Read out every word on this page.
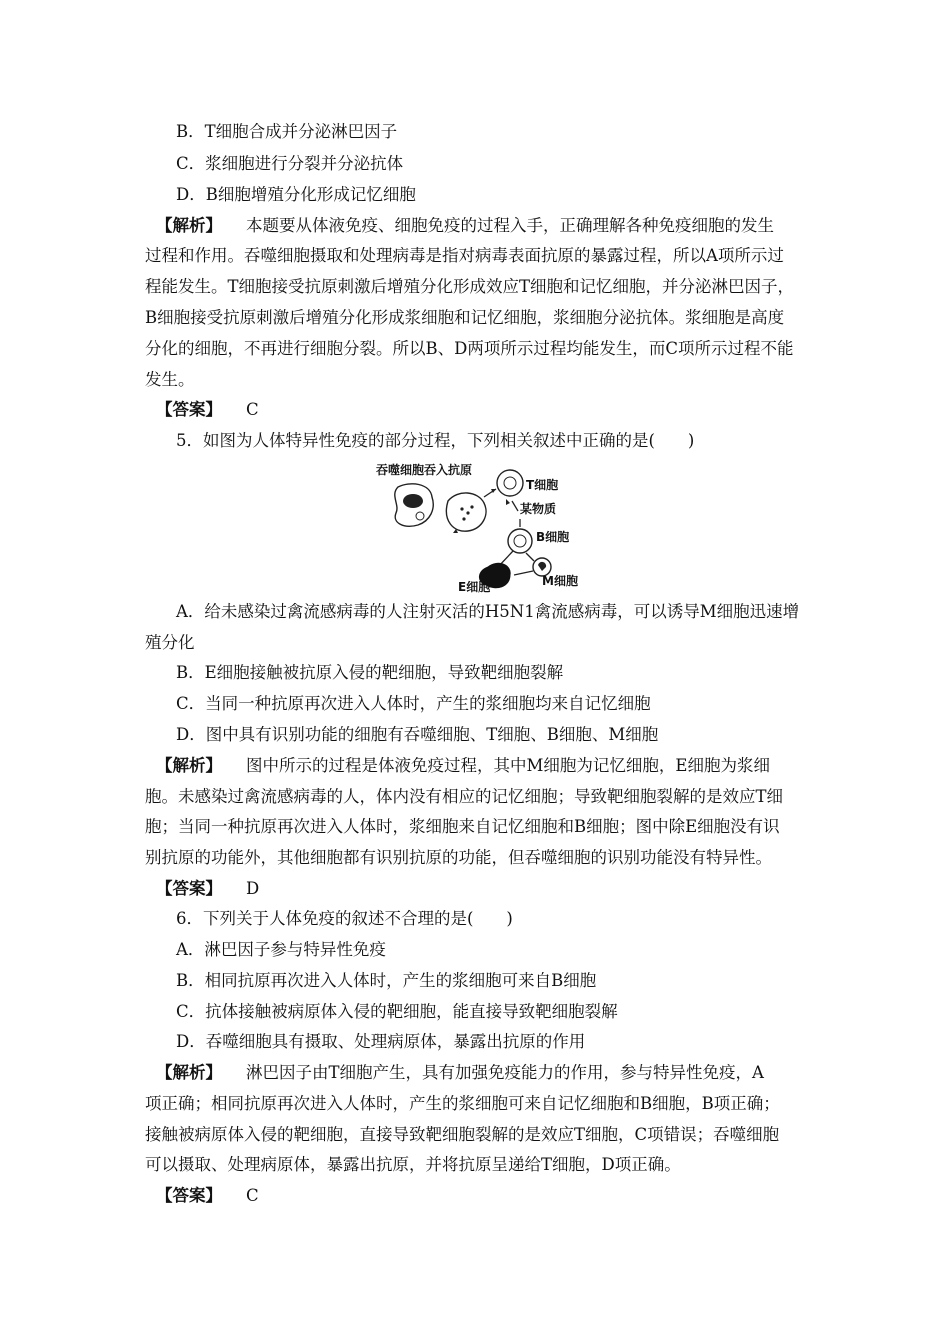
B．T细胞合成并分泌淋巴因子
C．浆细胞进行分裂并分泌抗体
D．B细胞增殖分化形成记忆细胞
【解析】 本题要从体液免疫、细胞免疫的过程入手，正确理解各种免疫细胞的发生
过程和作用。吞噬细胞摄取和处理病毒是指对病毒表面抗原的暴露过程，所以A项所示过
程能发生。T细胞接受抗原刺激后增殖分化形成效应T细胞和记忆细胞，并分泌淋巴因子，
B细胞接受抗原刺激后增殖分化形成浆细胞和记忆细胞，浆细胞分泌抗体。浆细胞是高度
分化的细胞，不再进行细胞分裂。所以B、D两项所示过程均能发生，而C项所示过程不能
发生。
【答案】 C
5．如图为人体特异性免疫的部分过程，下列相关叙述中正确的是(　　)
吞噬细胞吞入抗原
T细胞
某物质
B细胞
M细胞
E细胞
A．给未感染过禽流感病毒的人注射灭活的H5N1禽流感病毒，可以诱导M细胞迅速增
殖分化
B．E细胞接触被抗原入侵的靶细胞，导致靶细胞裂解
C．当同一种抗原再次进入人体时，产生的浆细胞均来自记忆细胞
D．图中具有识别功能的细胞有吞噬细胞、T细胞、B细胞、M细胞
【解析】 图中所示的过程是体液免疫过程，其中M细胞为记忆细胞，E细胞为浆细
胞。未感染过禽流感病毒的人，体内没有相应的记忆细胞；导致靶细胞裂解的是效应T细
胞；当同一种抗原再次进入人体时，浆细胞来自记忆细胞和B细胞；图中除E细胞没有识
别抗原的功能外，其他细胞都有识别抗原的功能，但吞噬细胞的识别功能没有特异性。
【答案】 D
6．下列关于人体免疫的叙述不合理的是(　　)
A．淋巴因子参与特异性免疫
B．相同抗原再次进入人体时，产生的浆细胞可来自B细胞
C．抗体接触被病原体入侵的靶细胞，能直接导致靶细胞裂解
D．吞噬细胞具有摄取、处理病原体，暴露出抗原的作用
【解析】 淋巴因子由T细胞产生，具有加强免疫能力的作用，参与特异性免疫，A
项正确；相同抗原再次进入人体时，产生的浆细胞可来自记忆细胞和B细胞，B项正确；
接触被病原体入侵的靶细胞，直接导致靶细胞裂解的是效应T细胞，C项错误；吞噬细胞
可以摄取、处理病原体，暴露出抗原，并将抗原呈递给T细胞，D项正确。
【答案】 C
